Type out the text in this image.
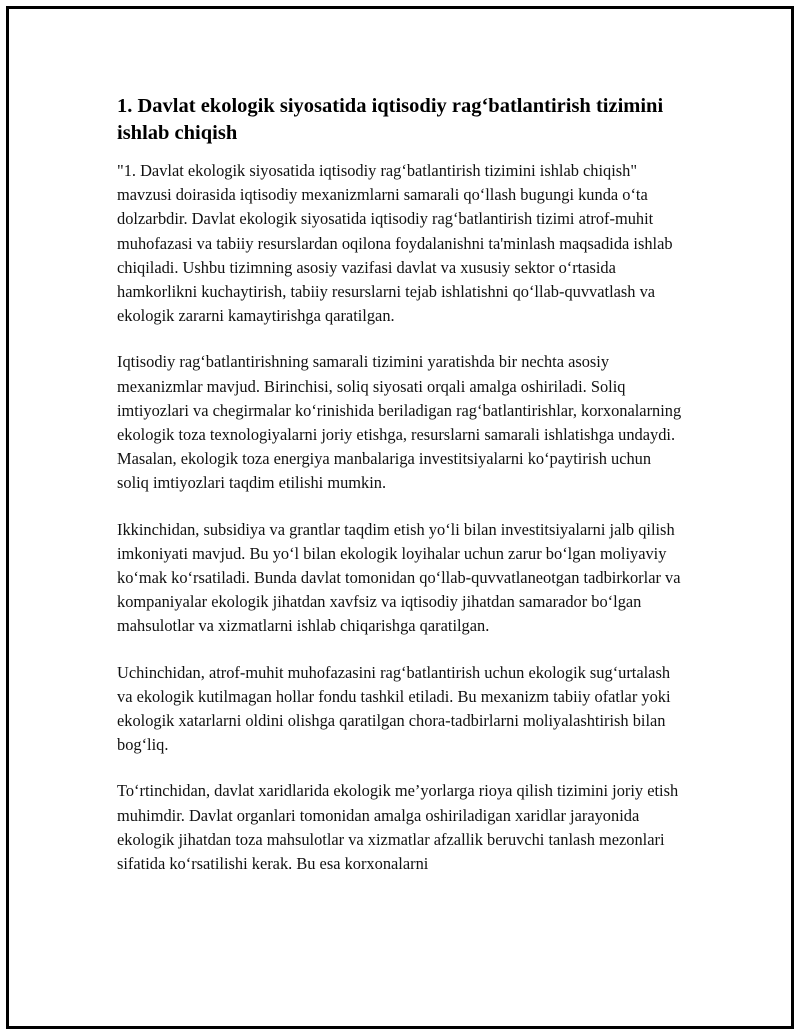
1. Davlat ekologik siyosatida iqtisodiy rag‘batlantirish tizimini ishlab chiqish

"1. Davlat ekologik siyosatida iqtisodiy rag‘batlantirish tizimini ishlab chiqish" mavzusi doirasida iqtisodiy mexanizmlarni samarali qo‘llash bugungi kunda o‘ta dolzarbdir. Davlat ekologik siyosatida iqtisodiy rag‘batlantirish tizimi atrof-muhit muhofazasi va tabiiy resurslardan oqilona foydalanishni ta'minlash maqsadida ishlab chiqiladi. Ushbu tizimning asosiy vazifasi davlat va xususiy sektor o‘rtasida hamkorlikni kuchaytirish, tabiiy resurslarni tejab ishlatishni qo‘llab-quvvatlash va ekologik zararni kamaytirishga qaratilgan.

Iqtisodiy rag‘batlantirishning samarali tizimini yaratishda bir nechta asosiy mexanizmlar mavjud. Birinchisi, soliq siyosati orqali amalga oshiriladi. Soliq imtiyozlari va chegirmalar ko‘rinishida beriladigan rag‘batlantirishlar, korxonalarning ekologik toza texnologiyalarni joriy etishga, resurslarni samarali ishlatishga undaydi. Masalan, ekologik toza energiya manbalariga investitsiyalarni ko‘paytirish uchun soliq imtiyozlari taqdim etilishi mumkin.

Ikkinchidan, subsidiya va grantlar taqdim etish yo‘li bilan investitsiyalarni jalb qilish imkoniyati mavjud. Bu yo‘l bilan ekologik loyihalar uchun zarur bo‘lgan moliyaviy ko‘mak ko‘rsatiladi. Bunda davlat tomonidan qo‘llab-quvvatlaneotgan tadbirkorlar va kompaniyalar ekologik jihatdan xavfsiz va iqtisodiy jihatdan samarador bo‘lgan mahsulotlar va xizmatlarni ishlab chiqarishga qaratilgan.

Uchinchidan, atrof-muhit muhofazasini rag‘batlantirish uchun ekologik sug‘urtalash va ekologik kutilmagan hollar fondu tashkil etiladi. Bu mexanizm tabiiy ofatlar yoki ekologik xatarlarni oldini olishga qaratilgan chora-tadbirlarni moliyalashtirish bilan bog‘liq.

To‘rtinchidan, davlat xaridlarida ekologik me’yorlarga rioya qilish tizimini joriy etish muhimdir. Davlat organlari tomonidan amalga oshiriladigan xaridlar jarayonida ekologik jihatdan toza mahsulotlar va xizmatlar afzallik beruvchi tanlash mezonlari sifatida ko‘rsatilishi kerak. Bu esa korxonalarni
